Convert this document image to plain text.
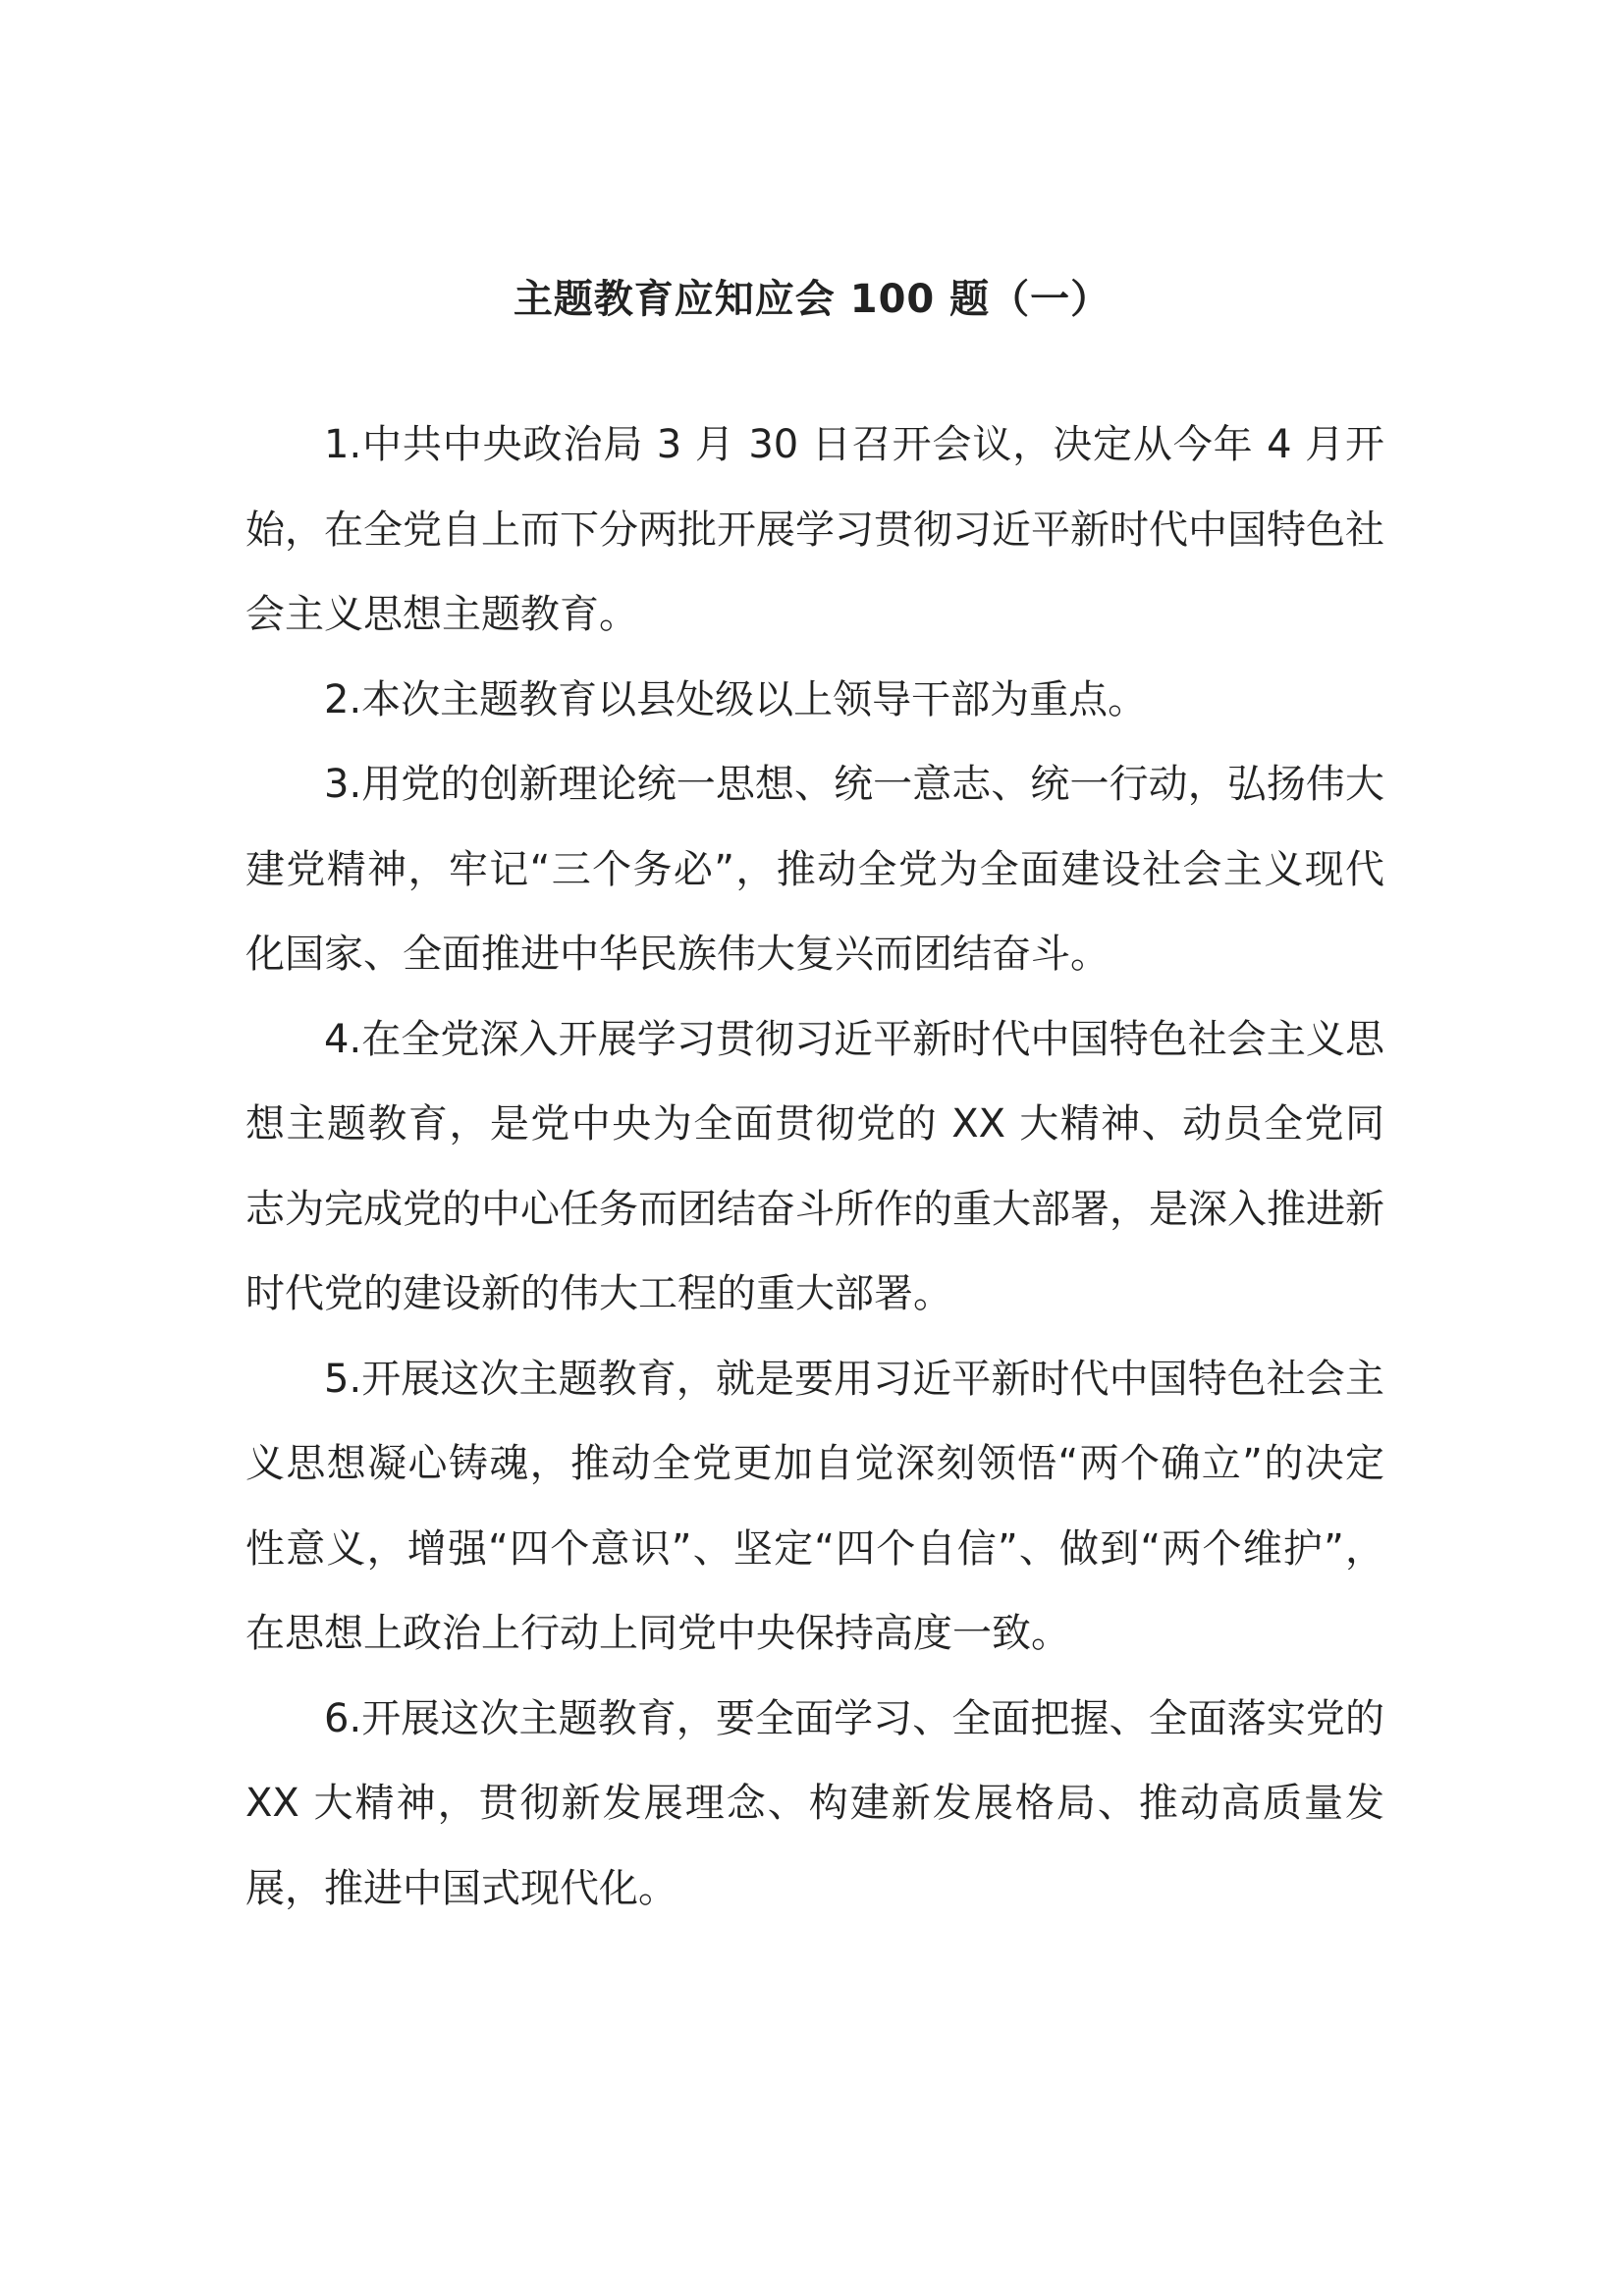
主题教育应知应会 100 题（一）

1.中共中央政治局 3 月 30 日召开会议，决定从今年 4 月开始，在全党自上而下分两批开展学习贯彻习近平新时代中国特色社会主义思想主题教育。

2.本次主题教育以县处级以上领导干部为重点。

3.用党的创新理论统一思想、统一意志、统一行动，弘扬伟大建党精神，牢记“三个务必”，推动全党为全面建设社会主义现代化国家、全面推进中华民族伟大复兴而团结奋斗。

4.在全党深入开展学习贯彻习近平新时代中国特色社会主义思想主题教育，是党中央为全面贯彻党的 XX 大精神、动员全党同志为完成党的中心任务而团结奋斗所作的重大部署，是深入推进新时代党的建设新的伟大工程的重大部署。

5.开展这次主题教育，就是要用习近平新时代中国特色社会主义思想凝心铸魂，推动全党更加自觉深刻领悟“两个确立”的决定性意义，增强“四个意识”、坚定“四个自信”、做到“两个维护”，在思想上政治上行动上同党中央保持高度一致。

6.开展这次主题教育，要全面学习、全面把握、全面落实党的 XX 大精神，贯彻新发展理念、构建新发展格局、推动高质量发展，推进中国式现代化。
